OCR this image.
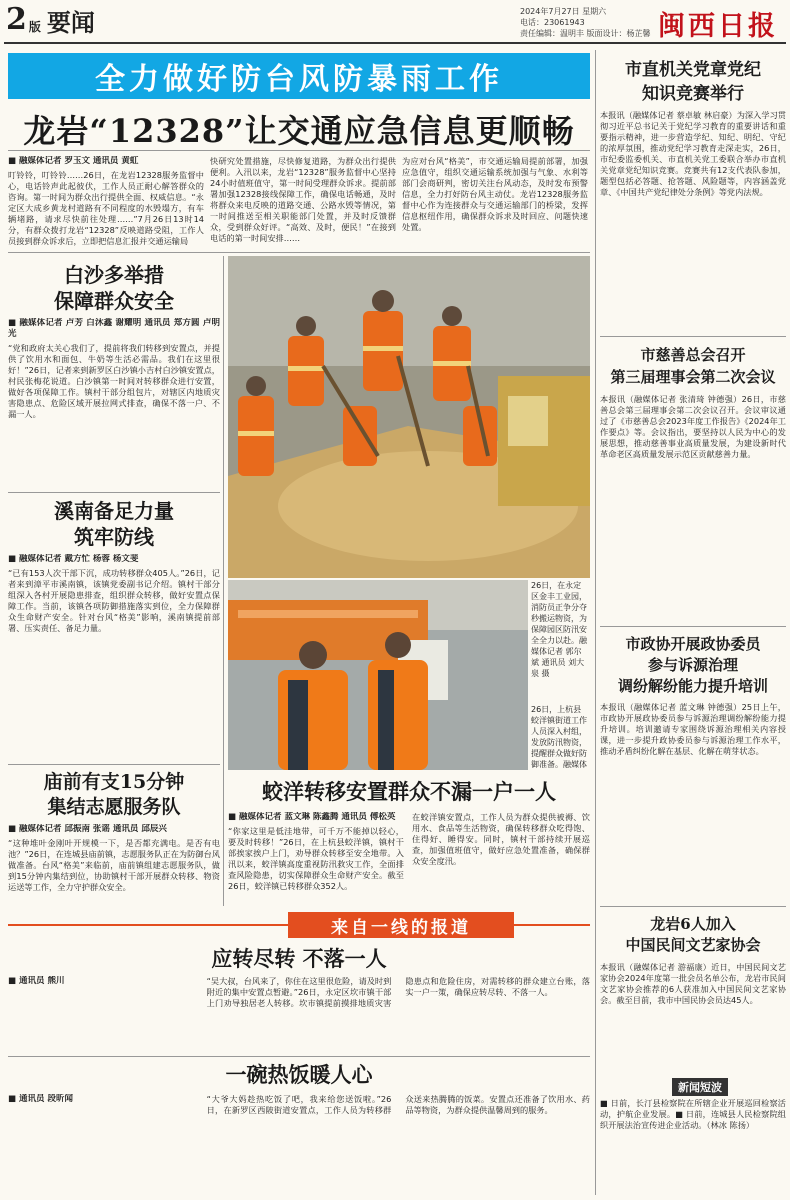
2 版 要闻	2024年7月27日 星期六
电话：23061943
责任编辑：温明丰 版面设计：杨芷馨 闽西日报
全力做好防台风防暴雨工作
龙岩“12328”让交通应急信息更顺畅
■ 融媒体记者 罗玉文 通讯员 黄虹
叮铃铃，叮铃铃……26日，在龙岩12328服务监督中心，电话铃声此起彼伏，工作人员正耐心解答群众的咨询。第一时间为群众出行提供全面、权威信息。“永定区大成乡黄龙村道路有不同程度的水毁塌方，有车辆堵路，请求尽快前往处理……”7月26日13时14分，有群众拨打龙岩“12328”反映道路受阻，工作人员接到群众诉求后，立即把信息汇报并交通运输局
快研究处置措施，尽快修复道路，为群众出行提供便利。入汛以来，龙岩“12328”服务监督中心坚持24小时值班值守，第一时间受理群众诉求。提前部署加强12328接线保障工作，确保电话畅通，及时将群众来电反映的道路交通、公路水毁等情况，第一时间推送至相关职能部门处置，并及时反馈群众，受到群众好评。“高效、及时，便民！”在接到电话的第一时间安排……
为应对台风“格美”，市交通运输局提前部署，加强应急值守，组织交通运输系统加强与气象、水利等部门会商研判，密切关注台风动态，及时发布预警信息，全力打好防台风主动仗。龙岩12328服务监督中心作为连接群众与交通运输部门的桥梁，发挥信息枢纽作用，确保群众诉求及时回应、问题快速处置。
白沙多举措
保障群众安全
■ 融媒体记者 卢芳 白沐鑫 谢耀明 通讯员 郑方圆 卢明光
“党和政府太关心我们了，提前将我们转移到安置点，并提供了饮用水和面包、牛奶等生活必需品。我们在这里很好！”26日，记者来到新罗区白沙镇小吉村白沙镇安置点，村民张梅花说道。白沙镇第一时间对转移群众进行安置，做好各项保障工作。镇村干部分组包片，对辖区内地质灾害隐患点、危险区域开展拉网式排查，确保不落一户、不漏一人。
溪南备足力量
筑牢防线
■ 融媒体记者 戴方忙 杨蓉 杨文斐
“已有153人次干部下沉，成功转移群众405人。”26日，记者来到漳平市溪南镇，该镇党委副书记介绍。镇村干部分组深入各村开展隐患排查，组织群众转移，做好安置点保障工作。当前，该镇各项防御措施落实到位，全力保障群众生命财产安全。针对台风“格美”影响，溪南镇提前部署、压实责任、备足力量。
庙前有支15分钟
集结志愿服务队
■ 融媒体记者 邱振南 张谣 通讯员 邱辰兴
“这种堆叶金刚叶开规模一下，是否都充满电。是否有电池？”26日，在连城县庙前镇，志愿服务队正在为防御台风做准备。台风“格美”来临前，庙前镇组建志愿服务队，做到15分钟内集结到位，协助镇村干部开展群众转移、物资运送等工作，全力守护群众安全。
26日，在永定区金丰工业园，消防员正争分夺秒搬运物资，为保障园区防汛安全全力以赴。融媒体记者 郭尔斌 通讯员 刘大泉 摄
26日，上杭县蛟洋镇街道工作人员深入村组，发放防汛物资，提醒群众做好防御准备。融媒体
蛟洋转移安置群众不漏一户一人
■ 融媒体记者 蓝文琳 陈鑫腾 通讯员 傅松英
“你家这里是低洼地带，可千万不能掉以轻心，要及时转移！”26日，在上杭县蛟洋镇，镇村干部挨家挨户上门，劝导群众转移至安全地带。入汛以来，蛟洋镇高度重视防汛救灾工作，全面排查风险隐患，切实保障群众生命财产安全。截至26日，蛟洋镇已转移群众352人。
在蛟洋镇安置点，工作人员为群众提供被褥、饮用水、食品等生活物资，确保转移群众吃得饱、住得好、睡得安。同时，镇村干部持续开展巡查，加强值班值守，做好应急处置准备，确保群众安全度汛。
来自一线的报道
应转尽转 不落一人
■ 通讯员 熊川	“吴大叔，台风来了，你住在这里很危险，请及时到附近的集中安置点暂避。”26日，永定区坎市镇干部上门劝导独居老人转移。坎市镇提前摸排地质灾害隐患点和危险住房，对需转移的群众建立台账，落实一户一策，确保应转尽转、不落一人。
一碗热饭暖人心
■ 通讯员 段昕闻	“大爷大妈趁热吃饭了吧，我来给您送饭啦。”26日，在新罗区西陂街道安置点，工作人员为转移群众送来热腾腾的饭菜。安置点还准备了饮用水、药品等物资，为群众提供温馨周到的服务。
市直机关党章党纪
知识竞赛举行
本报讯（融媒体记者 蔡卓敏 林启豪）为深入学习贯彻习近平总书记关于党纪学习教育的重要讲话和重要指示精神，进一步营造学纪、知纪、明纪、守纪的浓厚氛围，推动党纪学习教育走深走实，26日，市纪委监委机关、市直机关党工委联合举办市直机关党章党纪知识竞赛。竞赛共有12支代表队参加，题型包括必答题、抢答题、风险题等，内容涵盖党章、《中国共产党纪律处分条例》等党内法规。
市慈善总会召开
第三届理事会第二次会议
本报讯（融媒体记者 张清琦 钟德强）26日，市慈善总会第三届理事会第二次会议召开。会议审议通过了《市慈善总会2023年度工作报告》《2024年工作要点》等。会议指出，要坚持以人民为中心的发展思想，推动慈善事业高质量发展，为建设新时代革命老区高质量发展示范区贡献慈善力量。
市政协开展政协委员
参与诉源治理
调纷解纷能力提升培训
本报讯（融媒体记者 蓝文琳 钟德强）25日上午，市政协开展政协委员参与诉源治理调纷解纷能力提升培训。培训邀请专家围绕诉源治理相关内容授课，进一步提升政协委员参与诉源治理工作水平，推动矛盾纠纷化解在基层、化解在萌芽状态。
龙岩6人加入
中国民间文艺家协会
本报讯（融媒体记者 游福康）近日，中国民间文艺家协会2024年度第一批会员名单公布，龙岩市民间文艺家协会推荐的6人获准加入中国民间文艺家协会。截至目前，我市中国民协会员达45人。
新闻短波
■ 日前，长汀县检察院在所辖企业开展巡回检察活动，护航企业发展。■ 日前，连城县人民检察院组织开展法治宣传进企业活动。（林冰 陈扬）
